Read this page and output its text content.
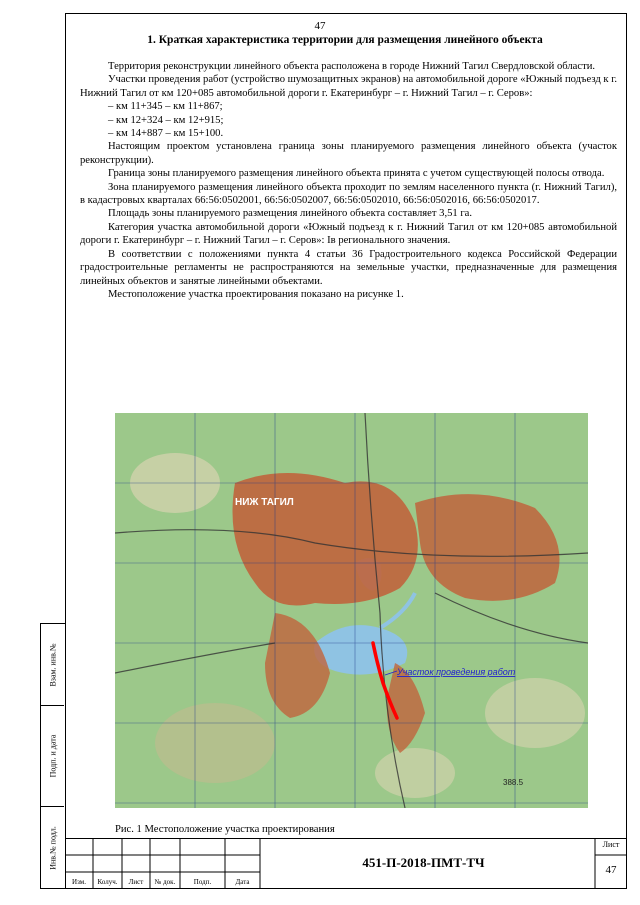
Взам. инв.№
Подп. и дата
Инв.№ подл.
47
1. Краткая характеристика территории для размещения линейного объекта

Территория реконструкции линейного объекта расположена в городе Нижний Тагил Свердловской области.

Участки проведения работ (устройство шумозащитных экранов) на автомобильной дороге «Южный подъезд к г. Нижний Тагил от км 120+085 автомобильной дороги г. Екатеринбург – г. Нижний Тагил – г. Серов»:

– км 11+345 – км 11+867;

– км 12+324 – км 12+915;

– км 14+887 – км 15+100.

Настоящим проектом установлена граница зоны планируемого размещения линейного объекта (участок реконструкции).

Граница зоны планируемого размещения линейного объекта принята с учетом существующей полосы отвода.

Зона планируемого размещения линейного объекта проходит по землям населенного пункта (г. Нижний Тагил), в кадастровых кварталах 66:56:0502001, 66:56:0502007, 66:56:0502010, 66:56:0502016, 66:56:0502017.

Площадь зоны планируемого размещения линейного объекта составляет 3,51 га.

Категория участка автомобильной дороги «Южный подъезд к г. Нижний Тагил от км 120+085 автомобильной дороги г. Екатеринбург – г. Нижний Тагил – г. Серов»: Iв регионального значения.

В соответствии с положениями пункта 4 статьи 36 Градостроительного кодекса Российской Федерации градостроительные регламенты не распространяются на земельные участки, предназначенные для размещения линейных объектов и занятые линейными объектами.

Местоположение участка проектирования показано на рисунке 1.

Участок проведения работ
НИЖ ТАГИЛ
388.5
Рис. 1 Местоположение участка проектирования
Изм.	Колуч.	Лист	№ док.	Подп.	Дата
451-П-2018-ПМТ-ТЧ
Лист
47
